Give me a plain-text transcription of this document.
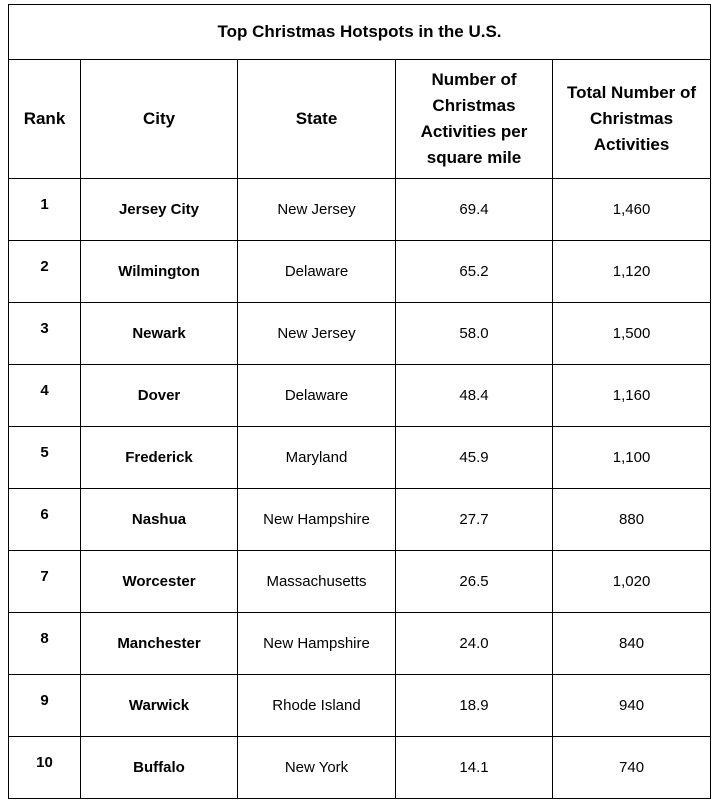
Top Christmas Hotspots in the U.S.				
Rank	City	State	Number of Christmas Activities per square mile	Total Number of Christmas Activities

1	Jersey City	New Jersey	69.4	1,460

2	Wilmington	Delaware	65.2	1,120

3	Newark	New Jersey	58.0	1,500

4	Dover	Delaware	48.4	1,160

5	Frederick	Maryland	45.9	1,100

6	Nashua	New Hampshire	27.7	880

7	Worcester	Massachusetts	26.5	1,020

8	Manchester	New Hampshire	24.0	840

9	Warwick	Rhode Island	18.9	940

10	Buffalo	New York	14.1	740
